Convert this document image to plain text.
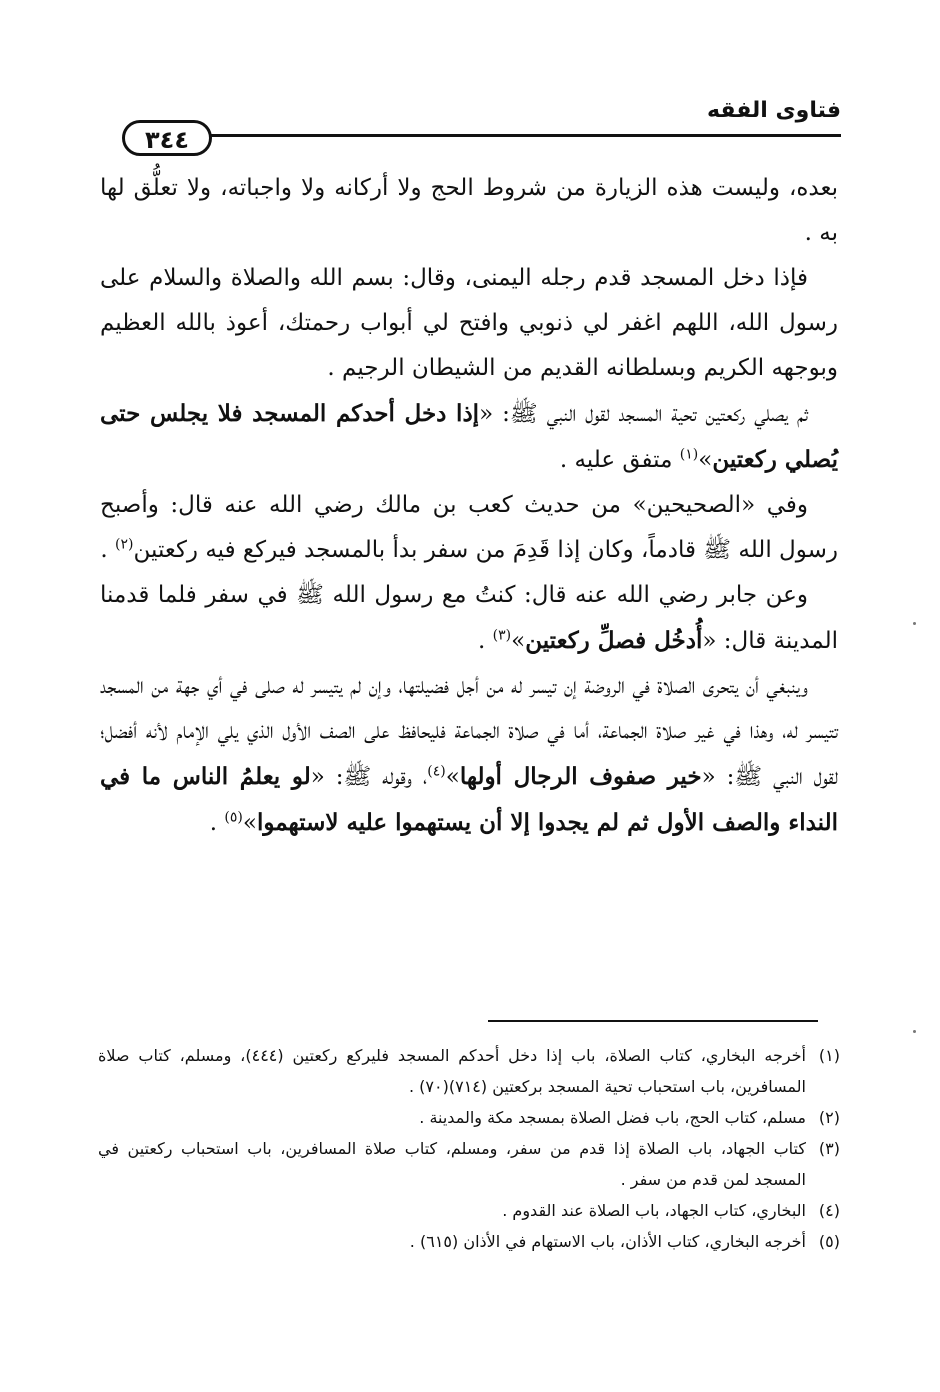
فتاوى الفقه
٣٤٤

بعده، وليست هذه الزيارة من شروط الحج ولا أركانه ولا واجباته، ولا تعلُّق لها به .

فإذا دخل المسجد قدم رجله اليمنى، وقال: بسم الله والصلاة والسلام على رسول الله، اللهم اغفر لي ذنوبي وافتح لي أبواب رحمتك، أعوذ بالله العظيم وبوجهه الكريم وبسلطانه القديم من الشيطان الرجيم .

ثم يصلي ركعتين تحية المسجد لقول النبي ﷺ: «إذا دخل أحدكم المسجد فلا يجلس حتى يُصلي ركعتين»$^{(١)}$ متفق عليه .

وفي «الصحيحين» من حديث كعب بن مالك رضي الله عنه قال: وأصبح رسول الله ﷺ قادماً، وكان إذا قَدِمَ من سفر بدأ بالمسجد فيركع فيه ركعتين$^{(٢)}$ .

وعن جابر رضي الله عنه قال: كنتُ مع رسول الله ﷺ في سفر فلما قدمنا المدينة قال: «أُدخُل فصلِّ ركعتين»$^{(٣)}$ .

وينبغي أن يتحرى الصلاة في الروضة إن تيسر له من أجل فضيلتها، وإن لم يتيسر له صلى في أي جهة من المسجد تتيسر له، وهذا في غير صلاة الجماعة، أما في صلاة الجماعة فليحافظ على الصف الأول الذي يلي الإمام لأنه أفضل؛ لقول النبي ﷺ: «خير صفوف الرجال أولها»$^{(٤)}$، وقوله ﷺ: «لو يعلمُ الناس ما في النداء والصف الأول ثم لم يجدوا إلا أن يستهموا عليه لاستهموا»$^{(٥)}$ .

(١)
أخرجه البخاري، كتاب الصلاة، باب إذا دخل أحدكم المسجد فليركع ركعتين (٤٤٤)، ومسلم، كتاب صلاة المسافرين، باب استحباب تحية المسجد بركعتين (٧١٤)(٧٠) .

(٢)
مسلم، كتاب الحج، باب فضل الصلاة بمسجد مكة والمدينة .

(٣)
كتاب الجهاد، باب الصلاة إذا قدم من سفر، ومسلم، كتاب صلاة المسافرين، باب استحباب ركعتين في المسجد لمن قدم من سفر .

(٤)
البخاري، كتاب الجهاد، باب الصلاة عند القدوم .

(٥)
أخرجه البخاري، كتاب الأذان، باب الاستهام في الأذان (٦١٥) .
